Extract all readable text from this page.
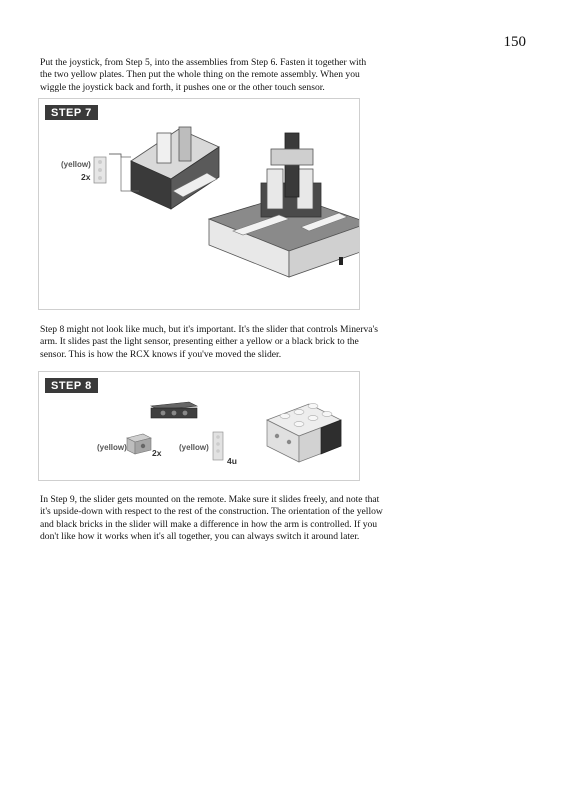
150

Put the joystick, from Step 5, into the assemblies from Step 6. Fasten it together with the two yellow plates. Then put the whole thing on the remote assembly. When you wiggle the joystick back and forth, it pushes one or the other touch sensor.

STEP 7
(yellow)
2x

Step 8 might not look like much, but it's important. It's the slider that controls Minerva's arm. It slides past the light sensor, presenting either a yellow or a black brick to the sensor. This is how the RCX knows if you've moved the slider.

STEP 8
(yellow)
2x
(yellow)
4u

In Step 9, the slider gets mounted on the remote. Make sure it slides freely, and note that it's upside-down with respect to the rest of the construction. The orientation of the yellow and black bricks in the slider will make a difference in how the arm is controlled. If you don't like how it works when it's all together, you can always switch it around later.
